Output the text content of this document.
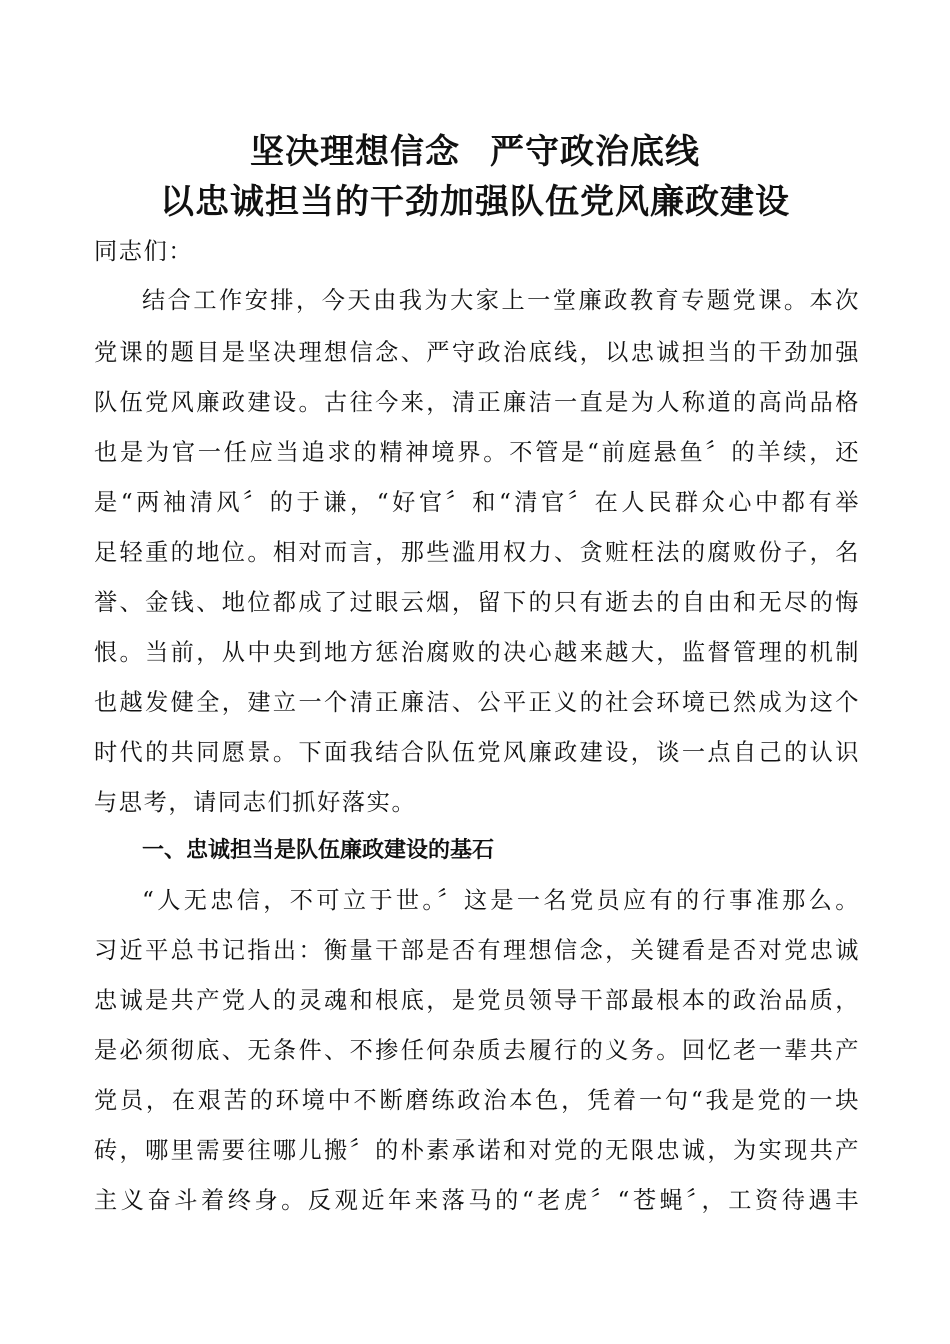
坚决理想信念 严守政治底线
以忠诚担当的干劲加强队伍党风廉政建设
同志们：
结合工作安排，今天由我为大家上一堂廉政教育专题党课。本次
党课的题目是坚决理想信念、严守政治底线，以忠诚担当的干劲加强
队伍党风廉政建设。古往今来，清正廉洁一直是为人称道的高尚品格
也是为官一任应当追求的精神境界。不管是“前庭悬鱼〞的羊续，还
是“两袖清风〞的于谦，“好官〞和“清官〞在人民群众心中都有举
足轻重的地位。相对而言，那些滥用权力、贪赃枉法的腐败份子，名
誉、金钱、地位都成了过眼云烟，留下的只有逝去的自由和无尽的悔
恨。当前，从中央到地方惩治腐败的决心越来越大，监督管理的机制
也越发健全，建立一个清正廉洁、公平正义的社会环境已然成为这个
时代的共同愿景。下面我结合队伍党风廉政建设，谈一点自己的认识
与思考，请同志们抓好落实。
一、忠诚担当是队伍廉政建设的基石
“人无忠信，不可立于世。〞这是一名党员应有的行事准那么。
习近平总书记指出：衡量干部是否有理想信念，关键看是否对党忠诚
忠诚是共产党人的灵魂和根底，是党员领导干部最根本的政治品质，
是必须彻底、无条件、不掺任何杂质去履行的义务。回忆老一辈共产
党员，在艰苦的环境中不断磨练政治本色，凭着一句“我是党的一块
砖，哪里需要往哪儿搬〞的朴素承诺和对党的无限忠诚，为实现共产
主义奋斗着终身。反观近年来落马的“老虎〞“苍蝇〞，工资待遇丰
